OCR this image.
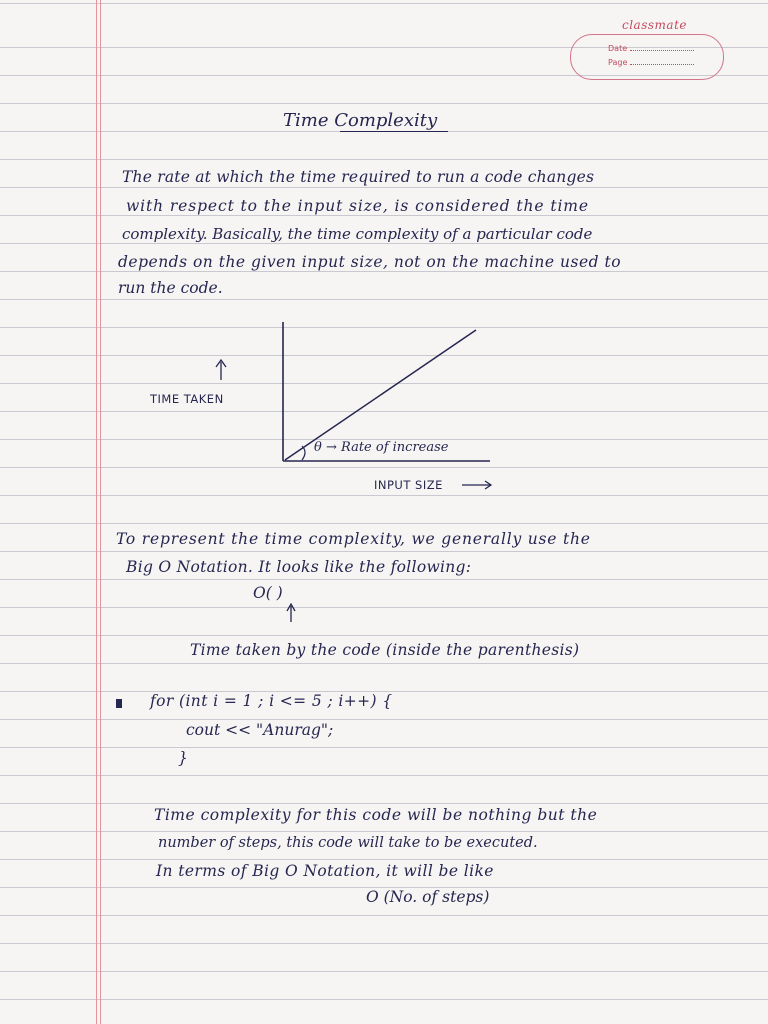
classmate
Date
Page
Time Complexity
The rate at which the time required to run a code changes
with respect to the input size, is considered the time
complexity. Basically, the time complexity of a particular code
depends on the given input size, not on the machine used to
run the code.
TIME TAKEN
θ → Rate of increase
INPUT SIZE
To represent the time complexity, we generally use the
Big O Notation. It looks like the following:
O( )
Time taken by the code (inside the parenthesis)
for (int i = 1 ; i <= 5 ; i++) {
cout << "Anurag";
}
Time complexity for this code will be nothing but the
number of steps, this code will take to be executed.
In terms of Big O Notation, it will be like
O (No. of steps)
